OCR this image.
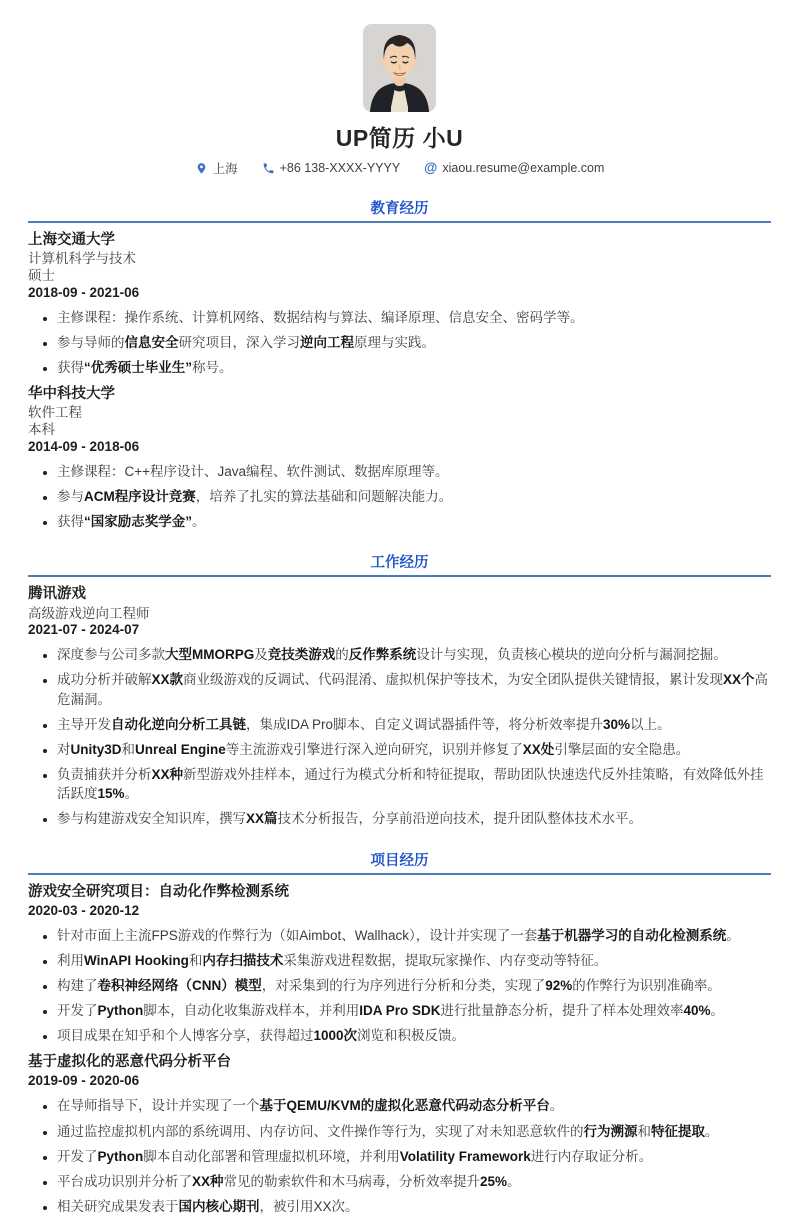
UP简历 小U
上海	+86 138-XXXX-YYYY @ xiaou.resume@example.com
教育经历
上海交通大学
计算机科学与技术
硕士
2018-09 - 2021-06
• 主修课程：操作系统、计算机网络、数据结构与算法、编译原理、信息安全、密码学等。
• 参与导师的信息安全研究项目，深入学习逆向工程原理与实践。
• 获得“优秀硕士毕业生”称号。
华中科技大学
软件工程
本科
2014-09 - 2018-06
• 主修课程：C++程序设计、Java编程、软件测试、数据库原理等。
• 参与ACM程序设计竞赛，培养了扎实的算法基础和问题解决能力。
• 获得“国家励志奖学金”。
工作经历
腾讯游戏
高级游戏逆向工程师
2021-07 - 2024-07
• 深度参与公司多款大型MMORPG及竞技类游戏的反作弊系统设计与实现，负责核心模块的逆向分析与漏洞挖掘。
• 成功分析并破解XX款商业级游戏的反调试、代码混淆、虚拟机保护等技术，为安全团队提供关键情报，累计发现XX个高危漏洞。
• 主导开发自动化逆向分析工具链，集成IDA Pro脚本、自定义调试器插件等，将分析效率提升30%以上。
• 对Unity3D和Unreal Engine等主流游戏引擎进行深入逆向研究，识别并修复了XX处引擎层面的安全隐患。
• 负责捕获并分析XX种新型游戏外挂样本，通过行为模式分析和特征提取，帮助团队快速迭代反外挂策略，有效降低外挂活跃度15%。
• 参与构建游戏安全知识库，撰写XX篇技术分析报告，分享前沿逆向技术，提升团队整体技术水平。
项目经历
游戏安全研究项目：自动化作弊检测系统
2020-03 - 2020-12
• 针对市面上主流FPS游戏的作弊行为（如Aimbot、Wallhack），设计并实现了一套基于机器学习的自动化检测系统。
• 利用WinAPI Hooking和内存扫描技术采集游戏进程数据，提取玩家操作、内存变动等特征。
• 构建了卷积神经网络（CNN）模型，对采集到的行为序列进行分析和分类，实现了92%的作弊行为识别准确率。
• 开发了Python脚本，自动化收集游戏样本，并利用IDA Pro SDK进行批量静态分析，提升了样本处理效率40%。
• 项目成果在知乎和个人博客分享，获得超过1000次浏览和积极反馈。
基于虚拟化的恶意代码分析平台
2019-09 - 2020-06
• 在导师指导下，设计并实现了一个基于QEMU/KVM的虚拟化恶意代码动态分析平台。
• 通过监控虚拟机内部的系统调用、内存访问、文件操作等行为，实现了对未知恶意软件的行为溯源和特征提取。
• 开发了Python脚本自动化部署和管理虚拟机环境，并利用Volatility Framework进行内存取证分析。
• 平台成功识别并分析了XX种常见的勒索软件和木马病毒，分析效率提升25%。
• 相关研究成果发表于国内核心期刊，被引用XX次。
